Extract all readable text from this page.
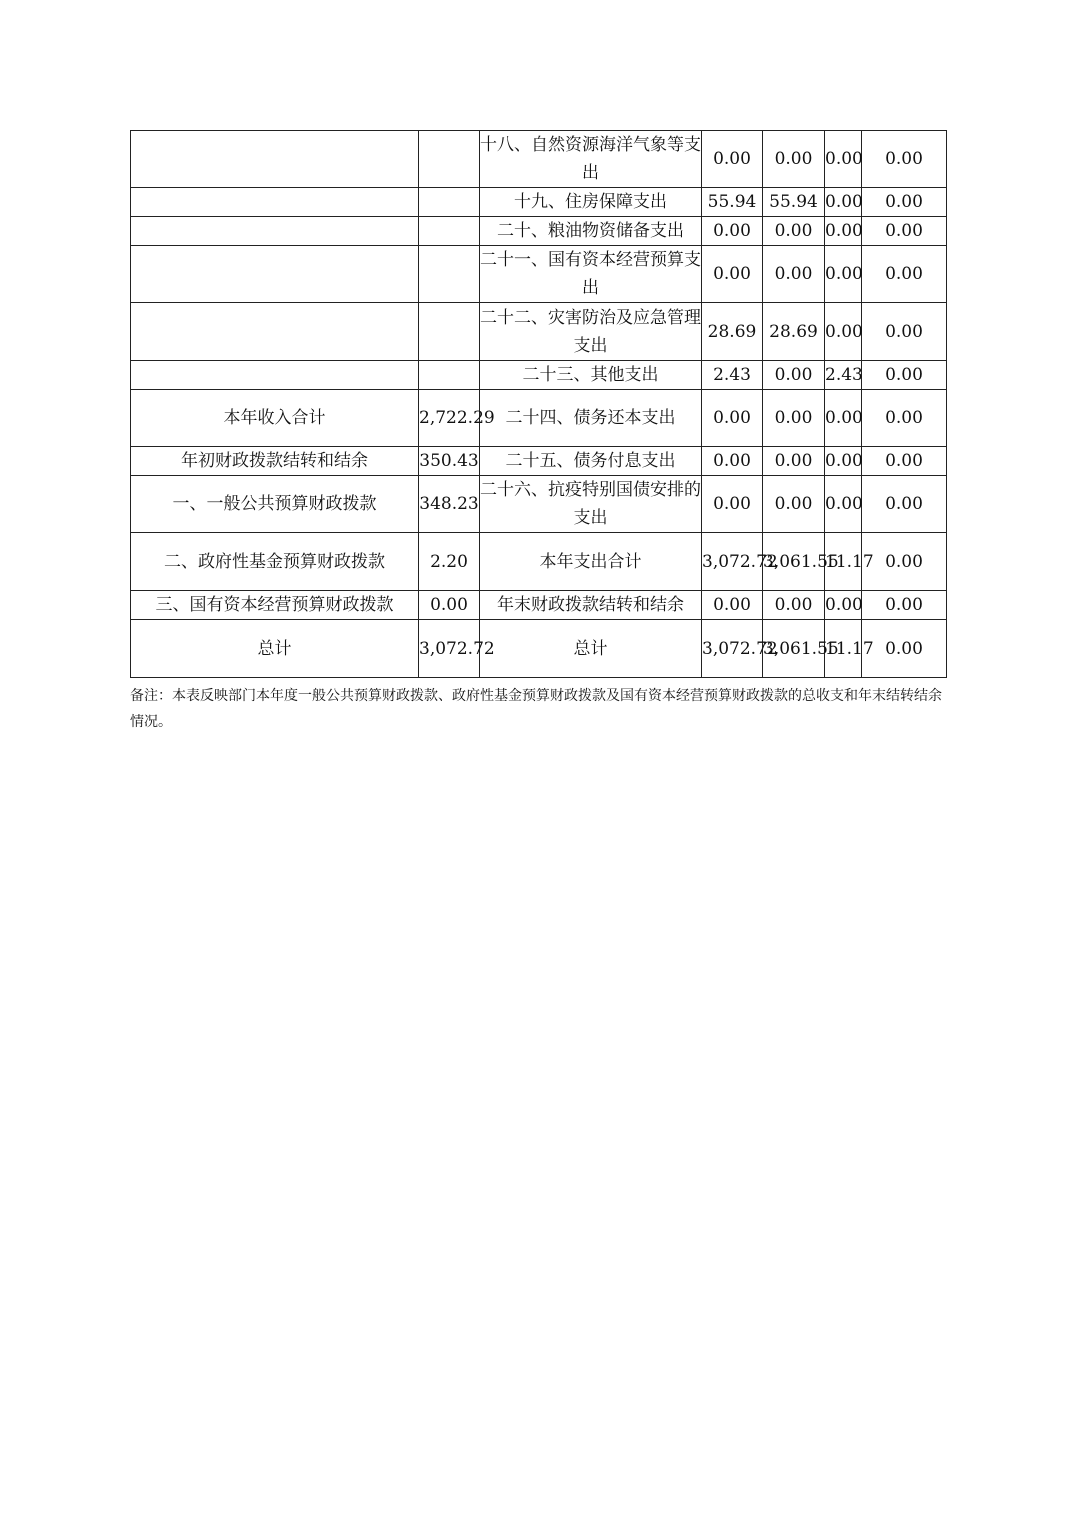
		十八、自然资源海洋气象等支出	0.00	0.00	0.00	0.00
		十九、住房保障支出	55.94	55.94	0.00	0.00
		二十、粮油物资储备支出	0.00	0.00	0.00	0.00
		二十一、国有资本经营预算支出	0.00	0.00	0.00	0.00
		二十二、灾害防治及应急管理支出	28.69	28.69	0.00	0.00
		二十三、其他支出	2.43	0.00	2.43	0.00
本年收入合计	2,722.29	二十四、债务还本支出	0.00	0.00	0.00	0.00
年初财政拨款结转和结余	350.43	二十五、债务付息支出	0.00	0.00	0.00	0.00
一、一般公共预算财政拨款	348.23	二十六、抗疫特别国债安排的支出	0.00	0.00	0.00	0.00
二、政府性基金预算财政拨款	2.20	本年支出合计	3,072.72	3,061.55	11.17	0.00
三、国有资本经营预算财政拨款	0.00	年末财政拨款结转和结余	0.00	0.00	0.00	0.00
总计	3,072.72	总计	3,072.72	3,061.55	11.17	0.00
备注：本表反映部门本年度一般公共预算财政拨款、政府性基金预算财政拨款及国有资本经营预算财政拨款的总收支和年末结转结余情况。
